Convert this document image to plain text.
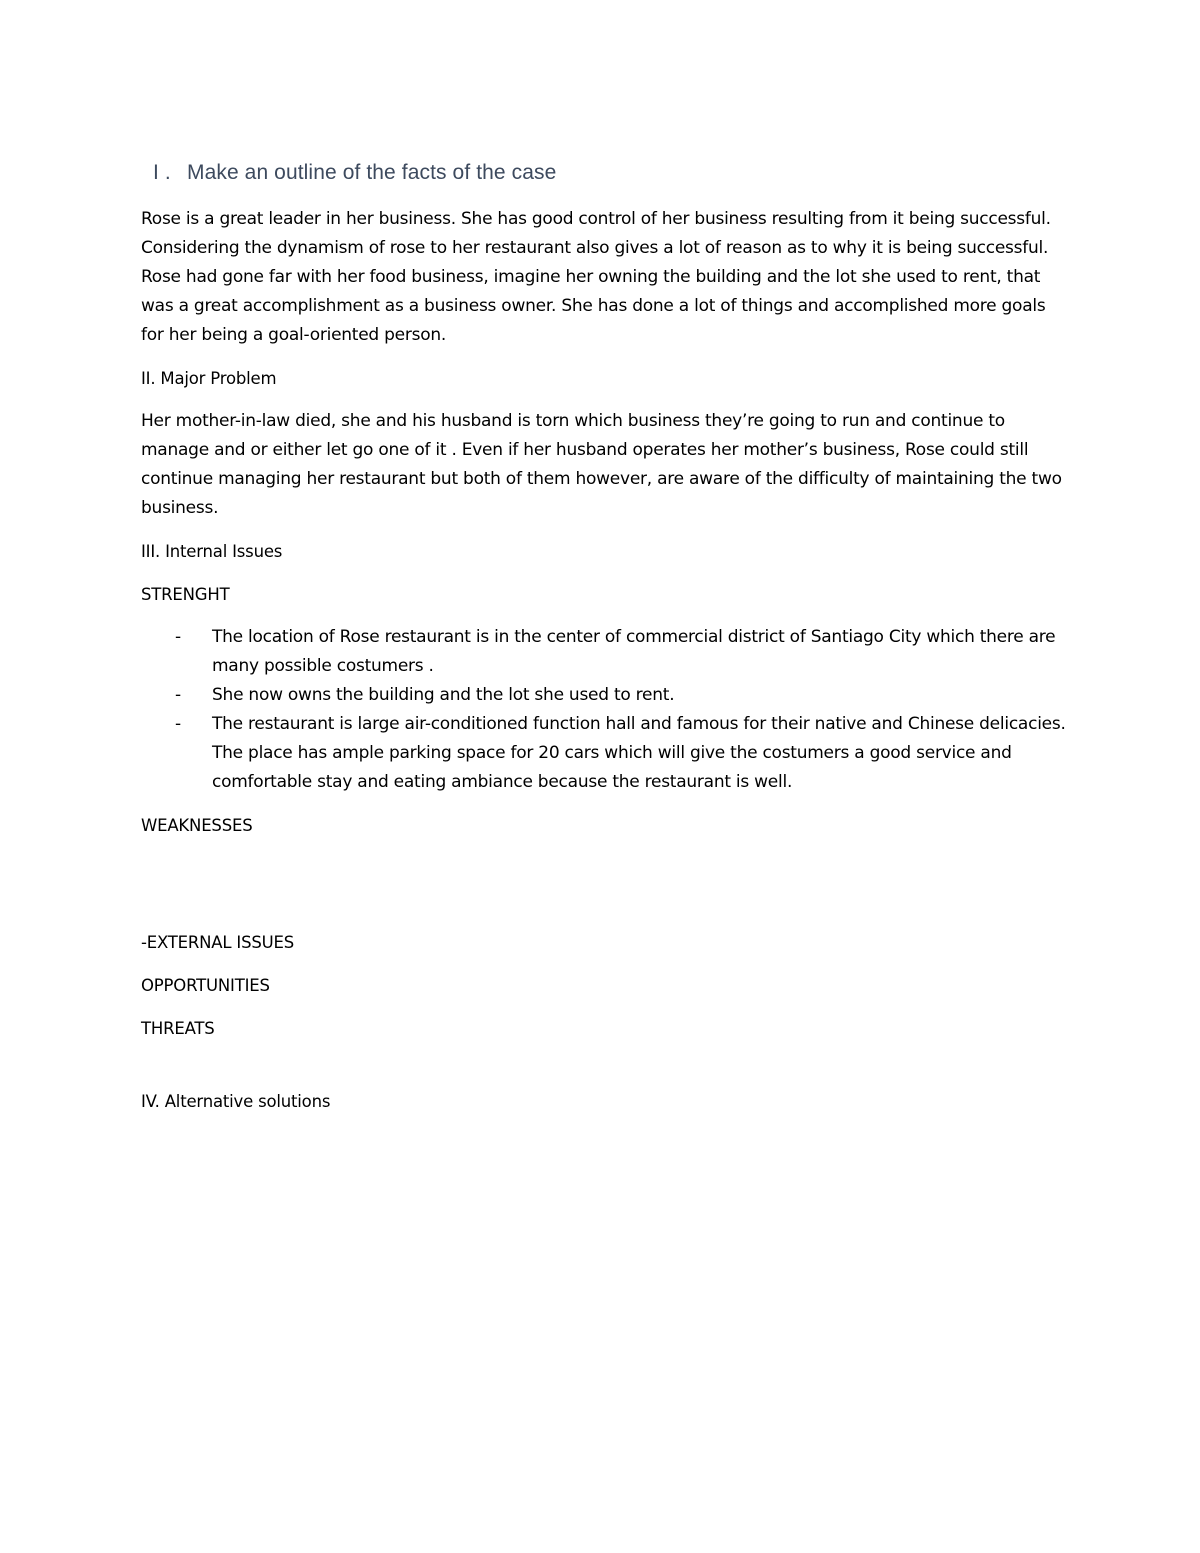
I . Make an outline of the facts of the case

Rose is a great leader in her business. She has good control of her business resulting from it being successful. Considering the dynamism of rose to her restaurant also gives a lot of reason as to why it is being successful. Rose had gone far with her food business, imagine her owning the building and the lot she used to rent, that was a great accomplishment as a business owner. She has done a lot of things and accomplished more goals for her being a goal-oriented person.

II. Major Problem

Her mother-in-law died, she and his husband is torn which business they’re going to run and continue to manage and or either let go one of it . Even if her husband operates her mother’s business, Rose could still continue managing her restaurant but both of them however, are aware of the difficulty of maintaining the two business.

III. Internal Issues

STRENGHT

- The location of Rose restaurant is in the center of commercial district of Santiago City which there are many possible costumers .
- She now owns the building and the lot she used to rent.
- The restaurant is large air-conditioned function hall and famous for their native and Chinese delicacies. The place has ample parking space for 20 cars which will give the costumers a good service and comfortable stay and eating ambiance because the restaurant is well.

WEAKNESSES

-EXTERNAL ISSUES

OPPORTUNITIES

THREATS

IV. Alternative solutions
